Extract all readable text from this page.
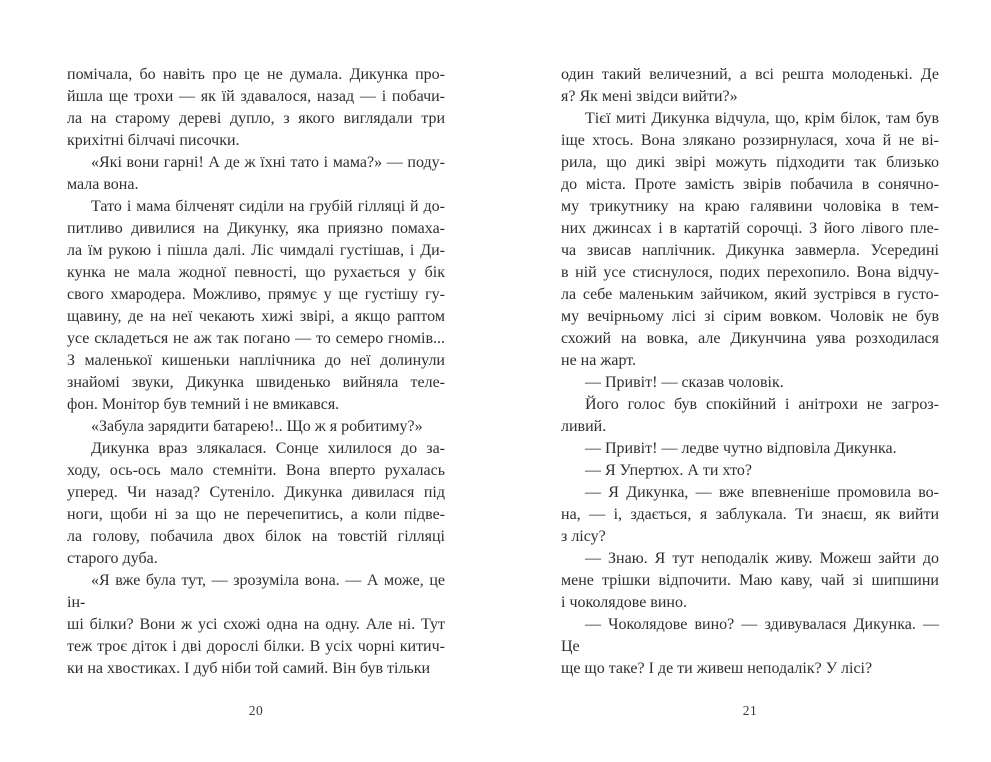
помічала, бо навіть про це не думала. Дикунка про-
йшла ще трохи — як їй здавалося, назад — і побачи-
ла на старому дереві дупло, з якого виглядали три
крихітні білчачі писочки.
«Які вони гарні! А де ж їхні тато і мама?» — поду-
мала вона.
Тато і мама білченят сиділи на грубій гілляці й до-
питливо дивилися на Дикунку, яка приязно помаха-
ла їм рукою і пішла далі. Ліс чимдалі густішав, і Ди-
кунка не мала жодної певності, що рухається у бік
свого хмародера. Можливо, прямує у ще густішу гу-
щавину, де на неї чекають хижі звірі, а якщо раптом
усе складеться не аж так погано — то семеро гномів...
З маленької кишеньки наплічника до неї долинули
знайомі звуки, Дикунка швиденько вийняла теле-
фон. Монітор був темний і не вмикався.
«Забула зарядити батарею!.. Що ж я робитиму?»
Дикунка враз злякалася. Сонце хилилося до за-
ходу, ось-ось мало стемніти. Вона вперто рухалась
уперед. Чи назад? Сутеніло. Дикунка дивилася під
ноги, щоби ні за що не перечепитись, а коли підве-
ла голову, побачила двох білок на товстій гілляці
старого дуба.
«Я вже була тут, — зрозуміла вона. — А може, це ін-
ші білки? Вони ж усі схожі одна на одну. Але ні. Тут
теж троє діток і дві дорослі білки. В усіх чорні китич-
ки на хвостиках. І дуб ніби той самий. Він був тільки
20
один такий величезний, а всі решта молоденькі. Де
я? Як мені звідси вийти?»
Тієї миті Дикунка відчула, що, крім білок, там був
іще хтось. Вона злякано роззирнулася, хоча й не ві-
рила, що дикі звірі можуть підходити так близько
до міста. Проте замість звірів побачила в сонячно-
му трикутнику на краю галявини чоловіка в тем-
них джинсах і в картатій сорочці. З його лівого пле-
ча звисав наплічник. Дикунка завмерла. Усередині
в ній усе стиснулося, подих перехопило. Вона відчу-
ла себе маленьким зайчиком, який зустрівся в густо-
му вечірньому лісі зі сірим вовком. Чоловік не був
схожий на вовка, але Дикунчина уява розходилася
не на жарт.
— Привіт! — сказав чоловік.
Його голос був спокійний і анітрохи не загроз-
ливий.
— Привіт! — ледве чутно відповіла Дикунка.
— Я Упертюх. А ти хто?
— Я Дикунка, — вже впевненіше промовила во-
на, — і, здається, я заблукала. Ти знаєш, як вийти
з лісу?
— Знаю. Я тут неподалік живу. Можеш зайти до
мене трішки відпочити. Маю каву, чай зі шипшини
і чоколядове вино.
— Чоколядове вино? — здивувалася Дикунка. — Це
ще що таке? І де ти живеш неподалік? У лісі?
21
